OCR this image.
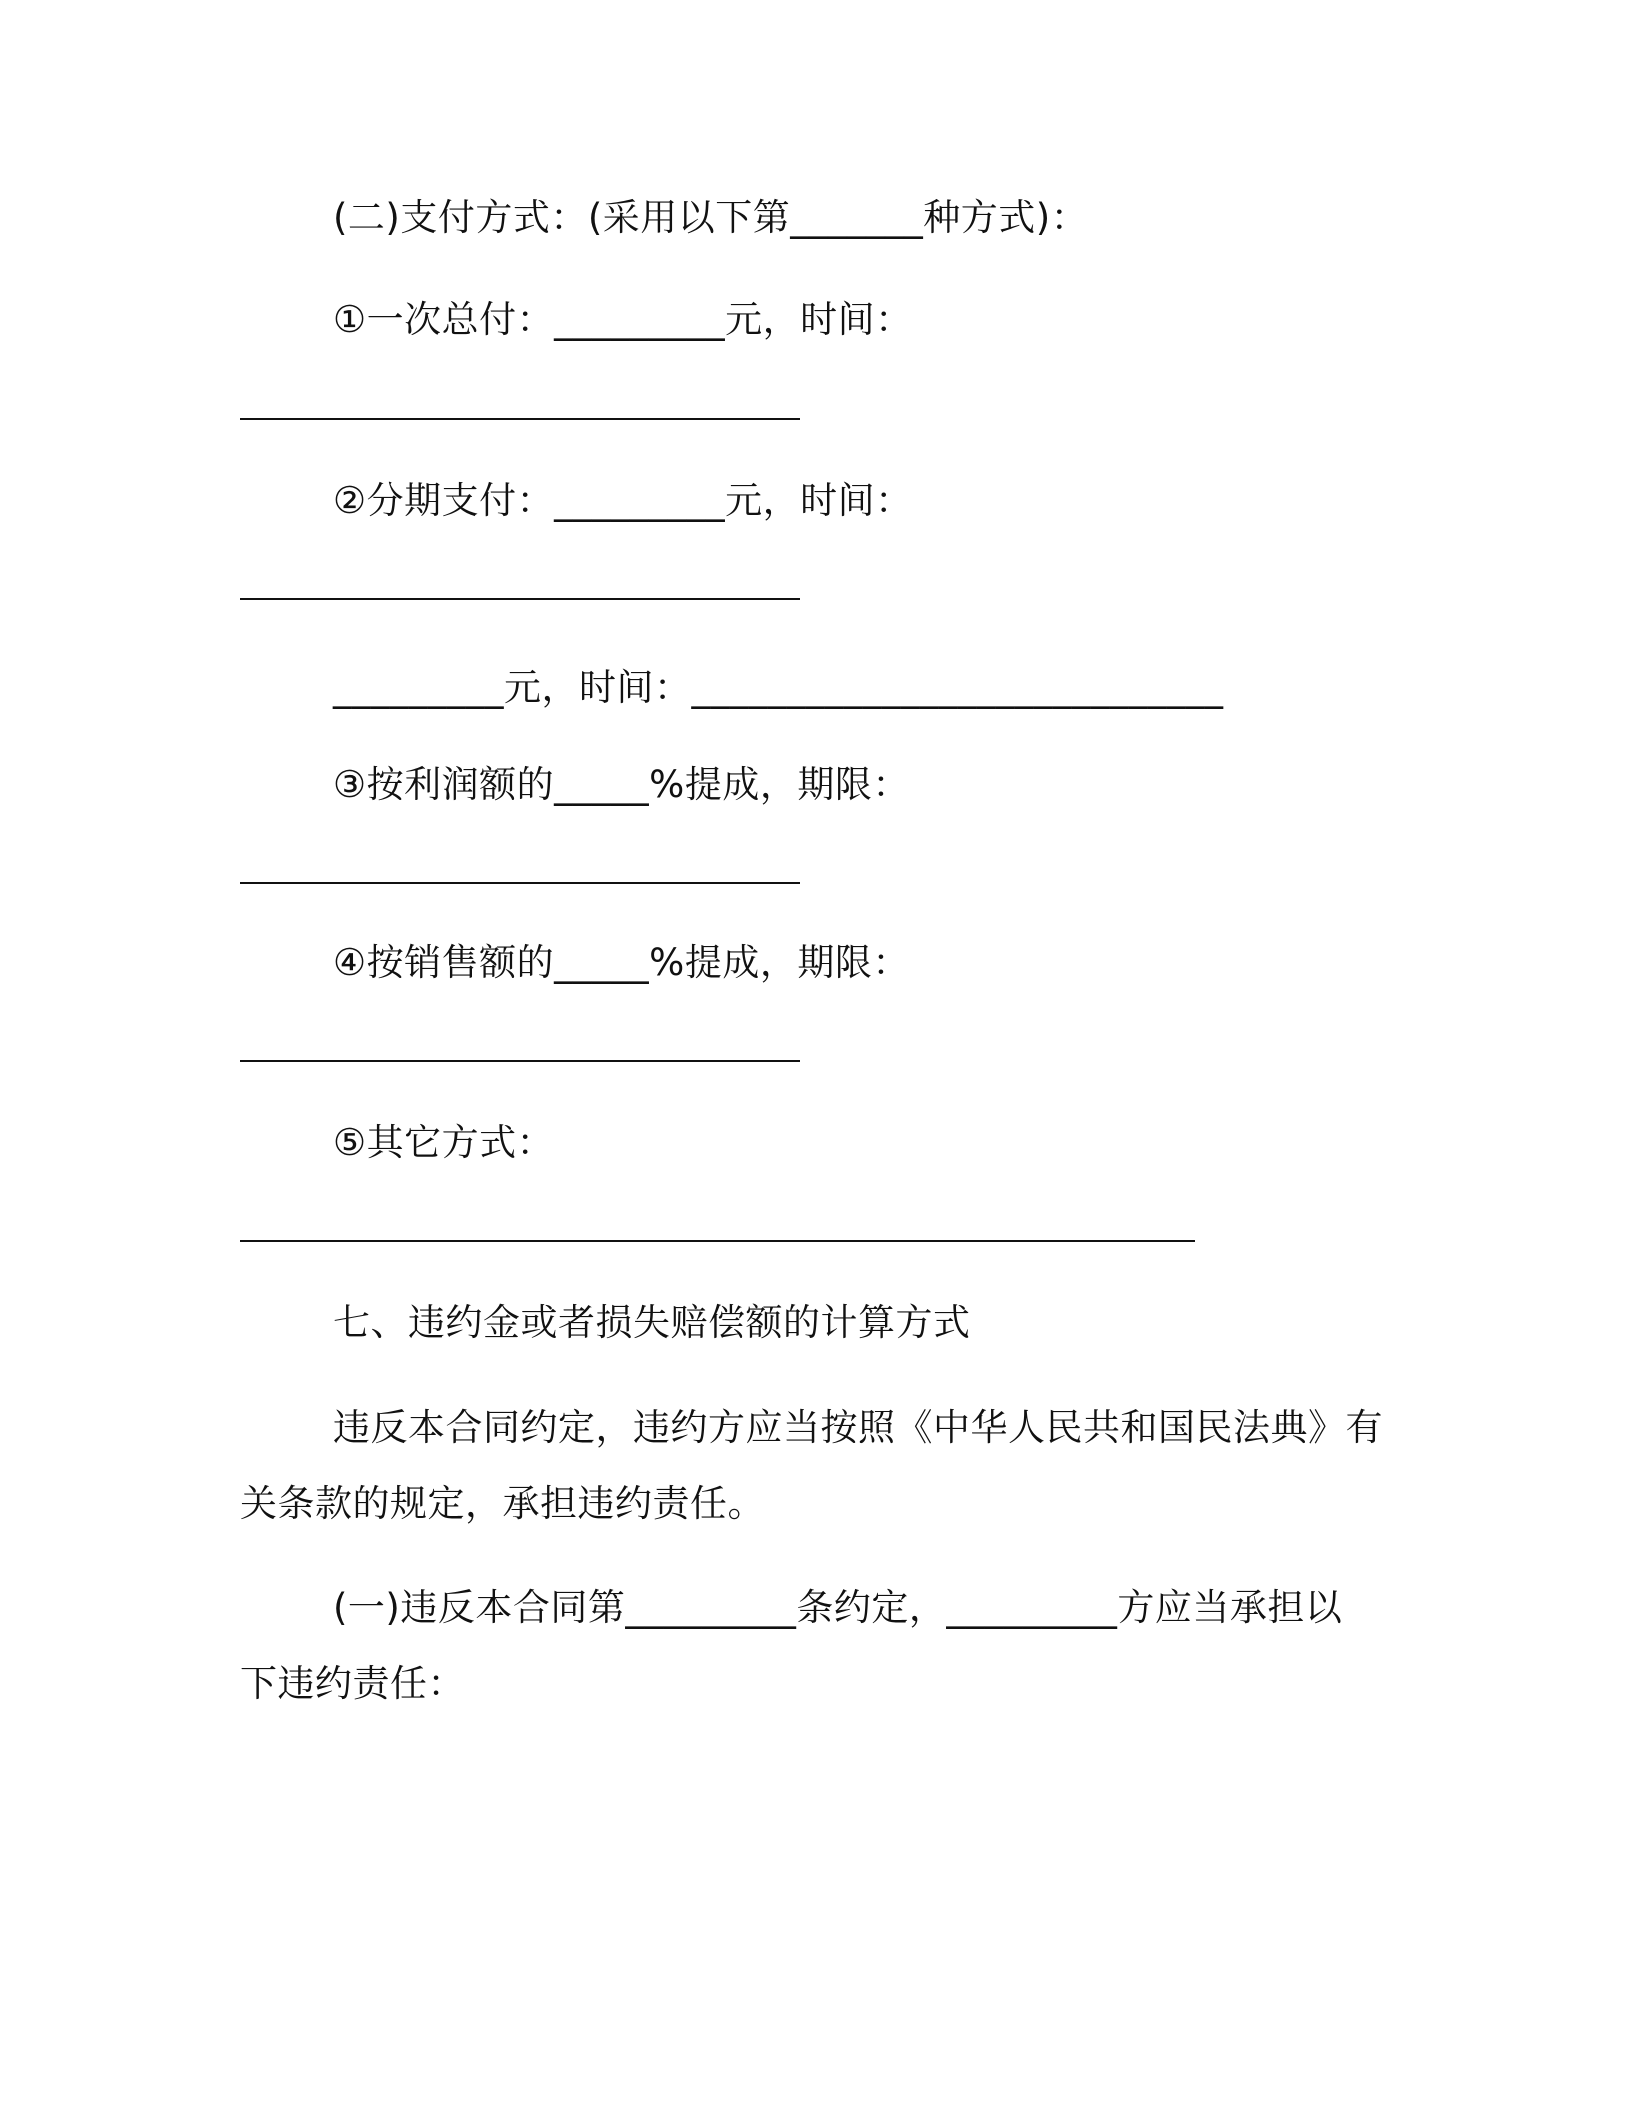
(二)支付方式：(采用以下第_______种方式)：
①一次总付：_________元，时间：
②分期支付：_________元，时间：
_________元，时间：____________________________
③按利润额的_____%提成，期限：
④按销售额的_____%提成，期限：
⑤其它方式：
七、违约金或者损失赔偿额的计算方式
违反本合同约定，违约方应当按照《中华人民共和国民法典》有
关条款的规定，承担违约责任。
(一)违反本合同第_________条约定，_________方应当承担以
下违约责任：
